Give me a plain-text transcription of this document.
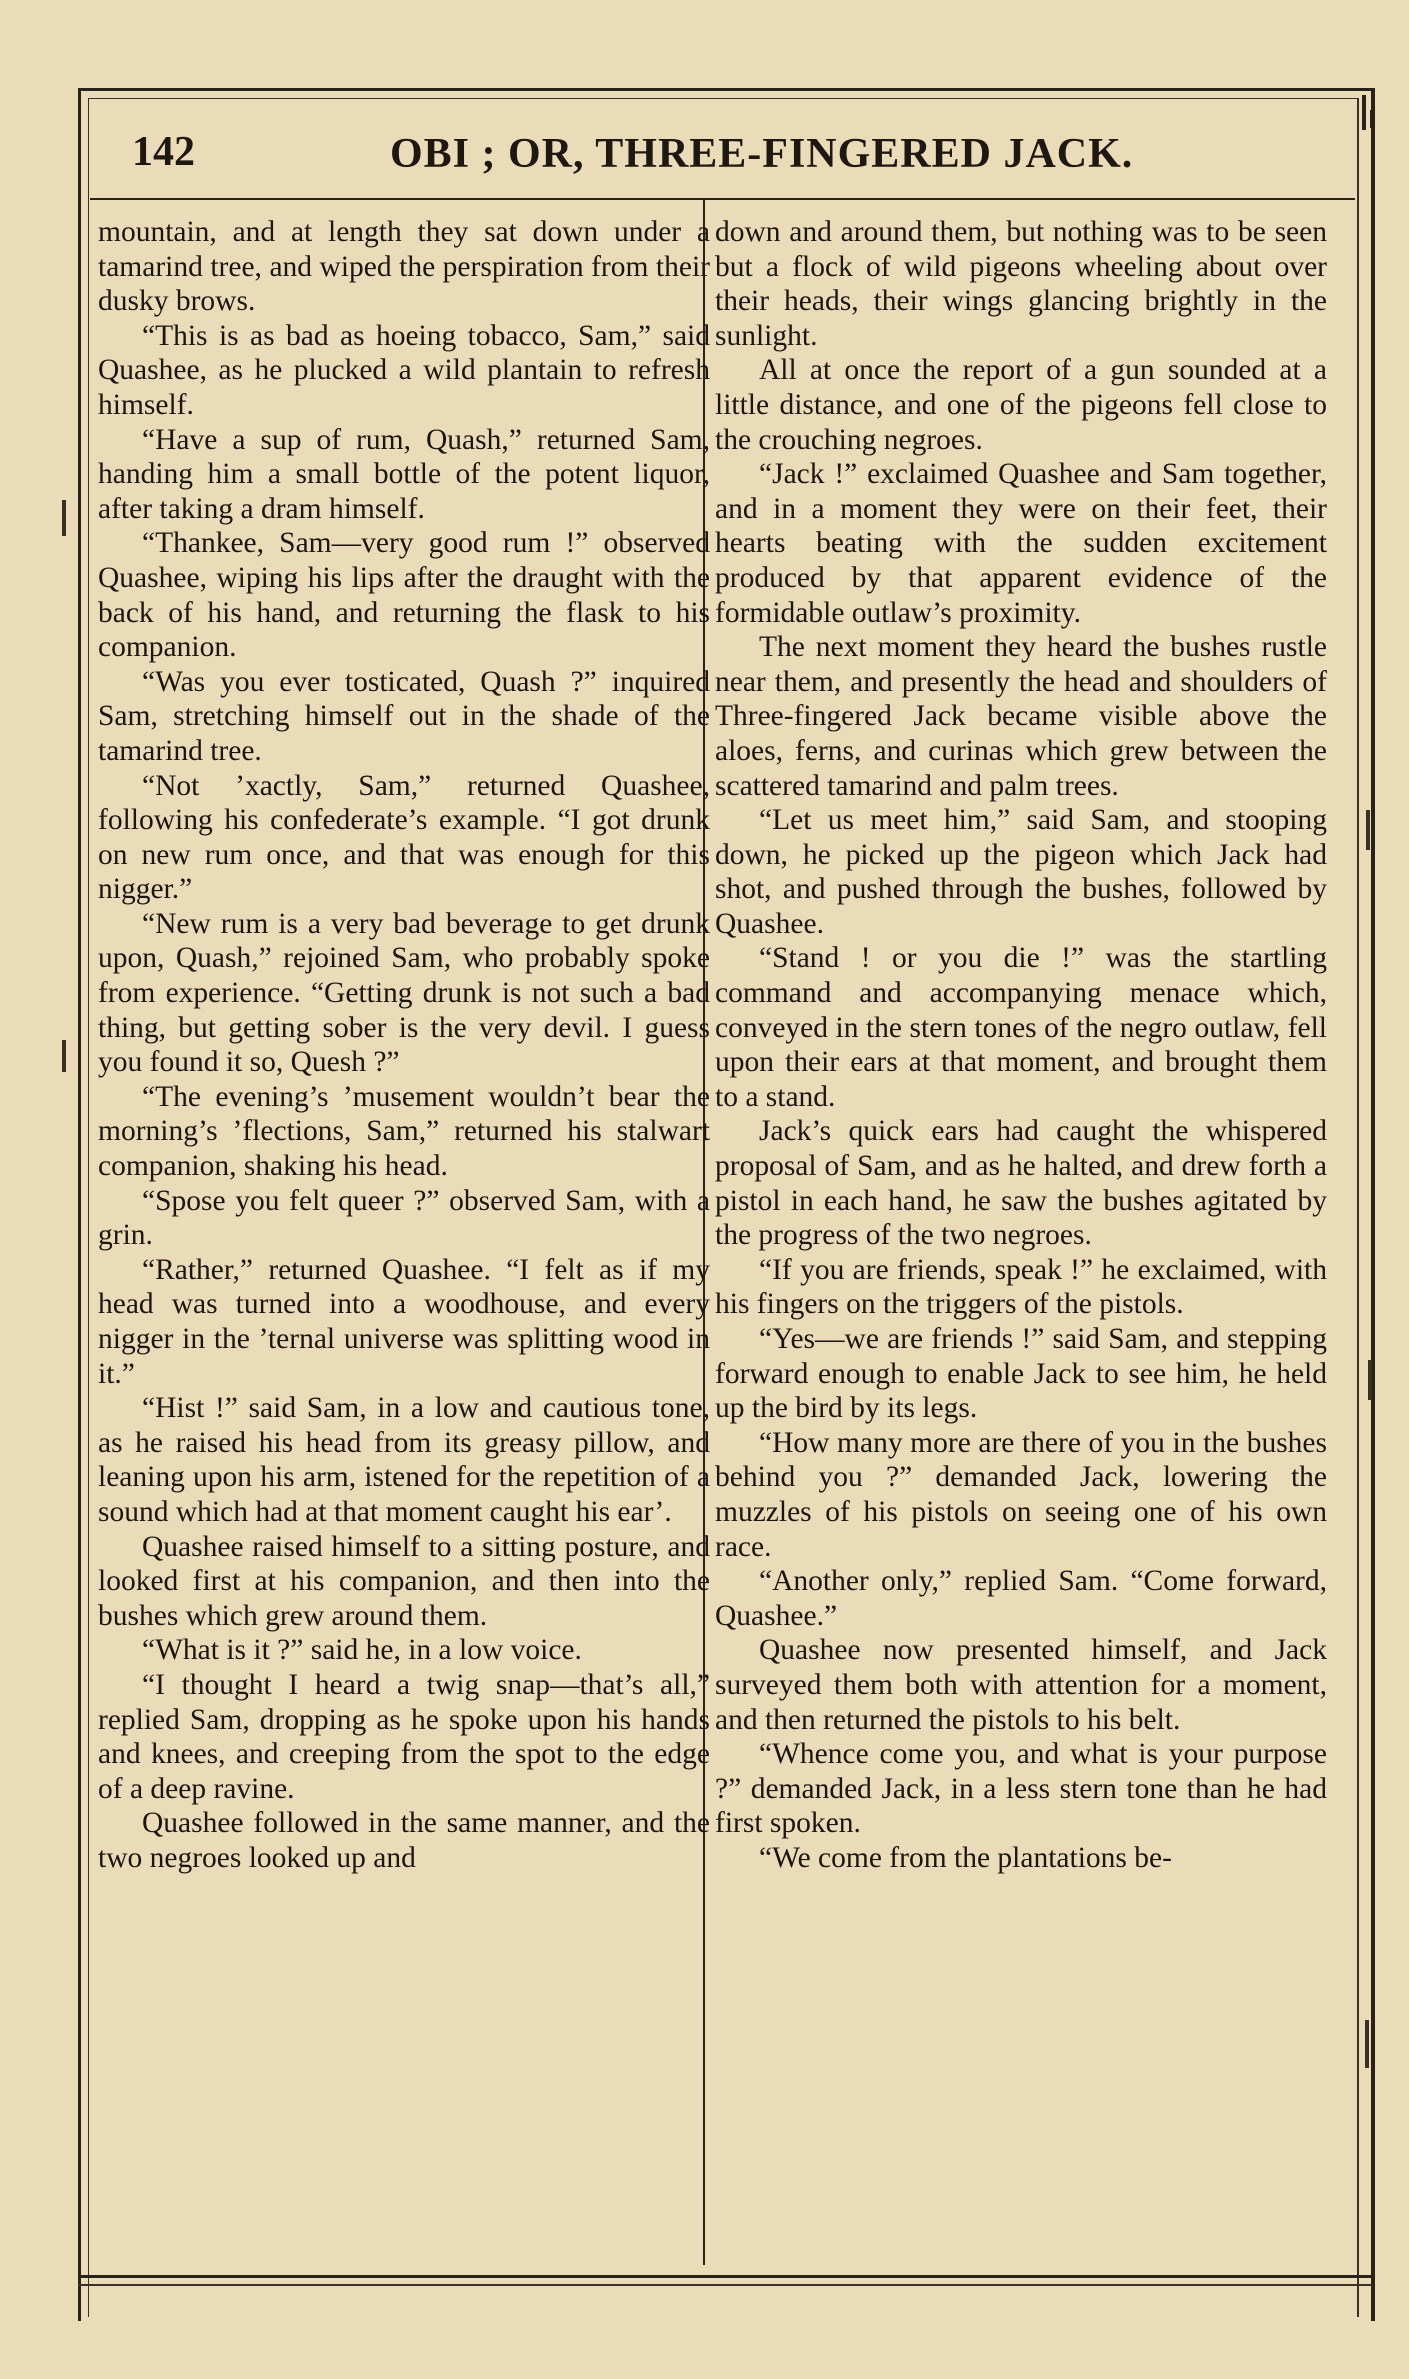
142	OBI ; OR, THREE-FINGERED JACK.

mountain, and at length they sat down under a tamarind tree, and wiped the perspiration from their dusky brows.

“This is as bad as hoeing tobacco, Sam,” said Quashee, as he plucked a wild plantain to refresh himself.

“Have a sup of rum, Quash,” returned Sam, handing him a small bottle of the potent liquor, after taking a dram himself.

“Thankee, Sam—very good rum !” observed Quashee, wiping his lips after the draught with the back of his hand, and returning the flask to his companion.

“Was you ever tosticated, Quash ?” inquired Sam, stretching himself out in the shade of the tamarind tree.

“Not ’xactly, Sam,” returned Quashee, following his confederate’s example. “I got drunk on new rum once, and that was enough for this nigger.”

“New rum is a very bad beverage to get drunk upon, Quash,” rejoined Sam, who probably spoke from experience. “Getting drunk is not such a bad thing, but getting sober is the very devil. I guess you found it so, Quesh ?”

“The evening’s ’musement wouldn’t bear the morning’s ’flections, Sam,” returned his stalwart companion, shaking his head.

“Spose you felt queer ?” observed Sam, with a grin.

“Rather,” returned Quashee. “I felt as if my head was turned into a woodhouse, and every nigger in the ’ternal universe was splitting wood in it.”

“Hist !” said Sam, in a low and cautious tone, as he raised his head from its greasy pillow, and leaning upon his arm, istened for the repetition of a sound which had at that moment caught his ear’.

Quashee raised himself to a sitting posture, and looked first at his companion, and then into the bushes which grew around them.

“What is it ?” said he, in a low voice.

“I thought I heard a twig snap—that’s all,” replied Sam, dropping as he spoke upon his hands and knees, and creeping from the spot to the edge of a deep ravine.

Quashee followed in the same manner, and the two negroes looked up and

down and around them, but nothing was to be seen but a flock of wild pigeons wheeling about over their heads, their wings glancing brightly in the sunlight.

All at once the report of a gun sounded at a little distance, and one of the pigeons fell close to the crouching negroes.

“Jack !” exclaimed Quashee and Sam together, and in a moment they were on their feet, their hearts beating with the sudden excitement produced by that apparent evidence of the formidable outlaw’s proximity.

The next moment they heard the bushes rustle near them, and presently the head and shoulders of Three-fingered Jack became visible above the aloes, ferns, and curinas which grew between the scattered tamarind and palm trees.

“Let us meet him,” said Sam, and stooping down, he picked up the pigeon which Jack had shot, and pushed through the bushes, followed by Quashee.

“Stand ! or you die !” was the startling command and accompanying menace which, conveyed in the stern tones of the negro outlaw, fell upon their ears at that moment, and brought them to a stand.

Jack’s quick ears had caught the whispered proposal of Sam, and as he halted, and drew forth a pistol in each hand, he saw the bushes agitated by the progress of the two negroes.

“If you are friends, speak !” he exclaimed, with his fingers on the triggers of the pistols.

“Yes—we are friends !” said Sam, and stepping forward enough to enable Jack to see him, he held up the bird by its legs.

“How many more are there of you in the bushes behind you ?” demanded Jack, lowering the muzzles of his pistols on seeing one of his own race.

“Another only,” replied Sam. “Come forward, Quashee.”

Quashee now presented himself, and Jack surveyed them both with attention for a moment, and then returned the pistols to his belt.

“Whence come you, and what is your purpose ?” demanded Jack, in a less stern tone than he had first spoken.

“We come from the plantations be-
